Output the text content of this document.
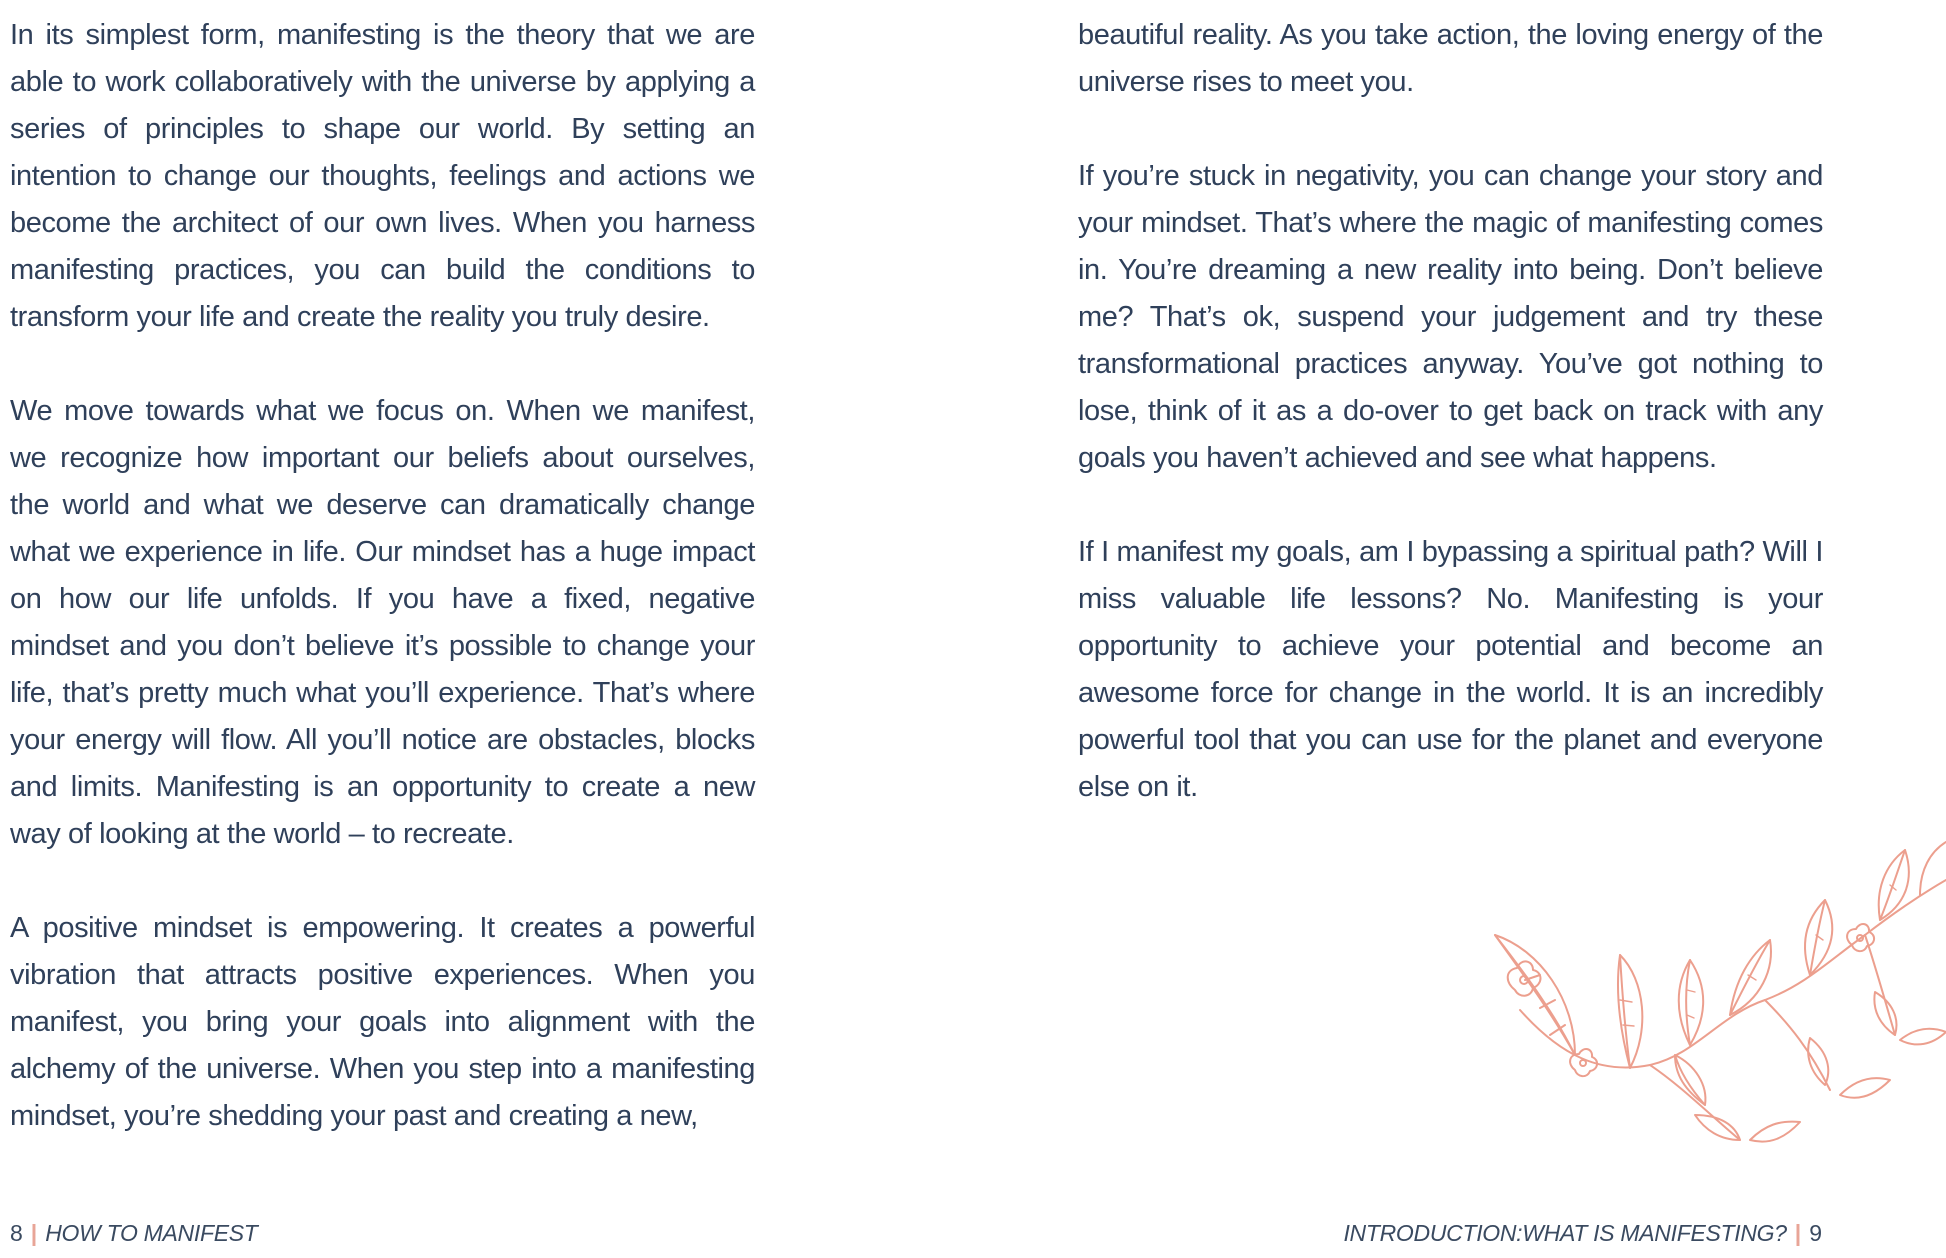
In its simplest form, manifesting is the theory that we are able to work collaboratively with the universe by applying a series of principles to shape our world. By setting an intention to change our thoughts, feelings and actions we become the architect of our own lives. When you harness manifesting practices, you can build the conditions to transform your life and create the reality you truly desire.

We move towards what we focus on. When we manifest, we recognize how important our beliefs about ourselves, the world and what we deserve can dramatically change what we experience in life. Our mindset has a huge impact on how our life unfolds. If you have a fixed, negative mindset and you don’t believe it’s possible to change your life, that’s pretty much what you’ll experience. That’s where your energy will flow. All you’ll notice are obstacles, blocks and limits. Manifesting is an opportunity to create a new way of looking at the world – to recreate.

A positive mindset is empowering. It creates a powerful vibration that attracts positive experiences. When you manifest, you bring your goals into alignment with the alchemy of the universe. When you step into a manifesting mindset, you’re shedding your past and creating a new,

beautiful reality. As you take action, the loving energy of the universe rises to meet you.

If you’re stuck in negativity, you can change your story and your mindset. That’s where the magic of manifesting comes in. You’re dreaming a new reality into being. Don’t believe me? That’s ok, suspend your judgement and try these transformational practices anyway. You’ve got nothing to lose, think of it as a do-over to get back on track with any goals you haven’t achieved and see what happens.

If I manifest my goals, am I bypassing a spiritual path? Will I miss valuable life lessons? No. Manifesting is your opportunity to achieve your potential and become an awesome force for change in the world. It is an incredibly powerful tool that you can use for the planet and everyone else on it.

8 | HOW TO MANIFEST	INTRODUCTION:WHAT IS MANIFESTING? | 9
